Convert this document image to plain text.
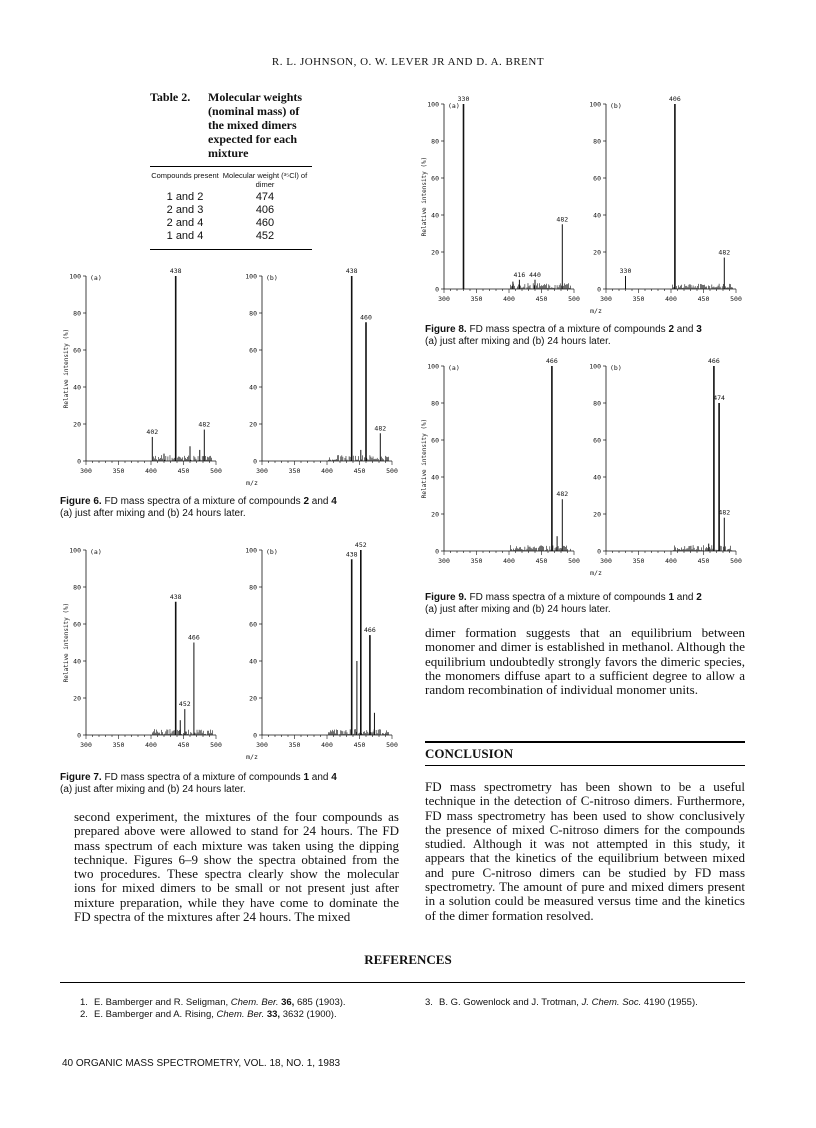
R. L. JOHNSON, O. W. LEVER JR AND D. A. BRENT
Table 2. Molecular weights (nominal mass) of the mixed dimers expected for each mixture
Compounds present Molecular weight (³⁵Cl) of dimer
1 and 2	474
2 and 3	406
2 and 4	460
1 and 4	452
0
20
40
60
80
100
300	350	400	450	500
(a)
438
402
482
0
20
40
60
80
100
300	350	400	450	500
(b)
438
460
482
Relative intensity (%)
m/z
0
20
40
60
80
100
300	350	400	450	500
(a)
438
466
452
0
20
40
60
80
100
300	350	400	450	500
(b)
452
438
466
Relative intensity (%)
m/z
0
20
40
60
80
100
300	350	400	450	500
(a)
330
482
416 440
0
20
40
60
80
100
300	350	400	450	500
(b)
406
482
330
Relative intensity (%)
m/z
0
20
40
60
80
100
300	350	400	450	500
(a)
466
482
0
20
40
60
80
100
300	350	400	450	500
(b)
466
474
482
Relative intensity (%)
m/z
Figure 6. FD mass spectra of a mixture of compounds 2 and 4
(a) just after mixing and (b) 24 hours later.
Figure 7. FD mass spectra of a mixture of compounds 1 and 4
(a) just after mixing and (b) 24 hours later.
Figure 8. FD mass spectra of a mixture of compounds 2 and 3
(a) just after mixing and (b) 24 hours later.
Figure 9. FD mass spectra of a mixture of compounds 1 and 2
(a) just after mixing and (b) 24 hours later.
second experiment, the mixtures of the four compounds as prepared above were allowed to stand for 24 hours. The FD mass spectrum of each mixture was taken using the dipping technique. Figures 6–9 show the spectra obtained from the two procedures. These spectra clearly show the molecular ions for mixed dimers to be small or not present just after mixture preparation, while they have come to dominate the FD spectra of the mixtures after 24 hours. The mixed
dimer formation suggests that an equilibrium between monomer and dimer is established in methanol. Although the equilibrium undoubtedly strongly favors the dimeric species, the monomers diffuse apart to a sufficient degree to allow a random recombination of individual monomer units.
CONCLUSION
FD mass spectrometry has been shown to be a useful technique in the detection of C-nitroso dimers. Furthermore, FD mass spectrometry has been used to show conclusively the presence of mixed C-nitroso dimers for the compounds studied. Although it was not attempted in this study, it appears that the kinetics of the equilibrium between mixed and pure C-nitroso dimers can be studied by FD mass spectrometry. The amount of pure and mixed dimers present in a solution could be measured versus time and the kinetics of the dimer formation resolved.
REFERENCES
1. E. Bamberger and R. Seligman, Chem. Ber. 36, 685 (1903).
2. E. Bamberger and A. Rising, Chem. Ber. 33, 3632 (1900).
3. B. G. Gowenlock and J. Trotman, J. Chem. Soc. 4190 (1955).
40 ORGANIC MASS SPECTROMETRY, VOL. 18, NO. 1, 1983
